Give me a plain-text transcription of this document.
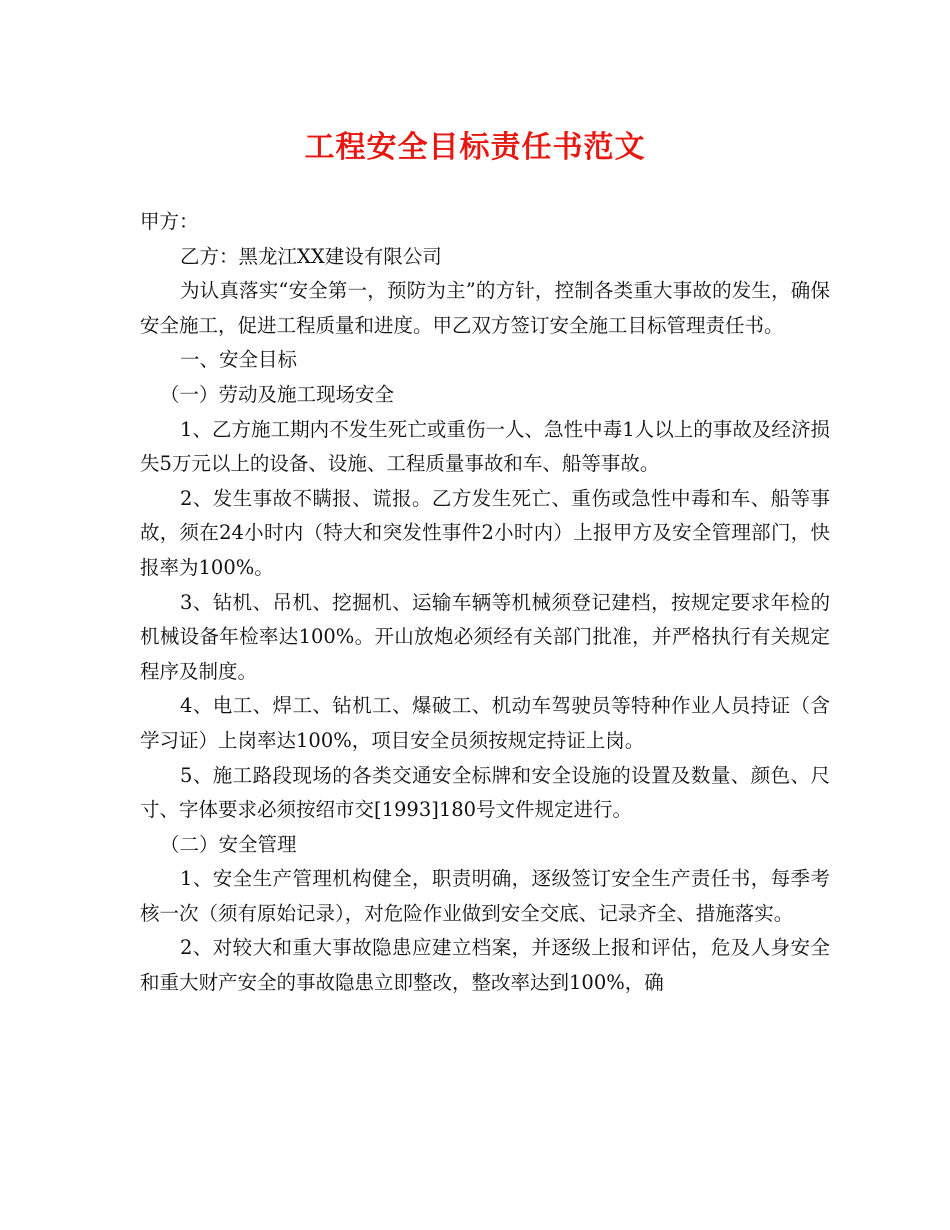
工程安全目标责任书范文

甲方：

乙方：黑龙江XX建设有限公司

为认真落实“安全第一，预防为主”的方针，控制各类重大事故的发生，确保安全施工，促进工程质量和进度。甲乙双方签订安全施工目标管理责任书。

一、安全目标

（一）劳动及施工现场安全

1、乙方施工期内不发生死亡或重伤一人、急性中毒1人以上的事故及经济损失5万元以上的设备、设施、工程质量事故和车、船等事故。

2、发生事故不瞒报、谎报。乙方发生死亡、重伤或急性中毒和车、船等事故，须在24小时内（特大和突发性事件2小时内）上报甲方及安全管理部门，快报率为100%。

3、钻机、吊机、挖掘机、运输车辆等机械须登记建档，按规定要求年检的机械设备年检率达100%。开山放炮必须经有关部门批准，并严格执行有关规定程序及制度。

4、电工、焊工、钻机工、爆破工、机动车驾驶员等特种作业人员持证（含学习证）上岗率达100%，项目安全员须按规定持证上岗。

5、施工路段现场的各类交通安全标牌和安全设施的设置及数量、颜色、尺寸、字体要求必须按绍市交[1993]180号文件规定进行。

（二）安全管理

1、安全生产管理机构健全，职责明确，逐级签订安全生产责任书，每季考核一次（须有原始记录），对危险作业做到安全交底、记录齐全、措施落实。

2、对较大和重大事故隐患应建立档案，并逐级上报和评估，危及人身安全和重大财产安全的事故隐患立即整改，整改率达到100%，确
